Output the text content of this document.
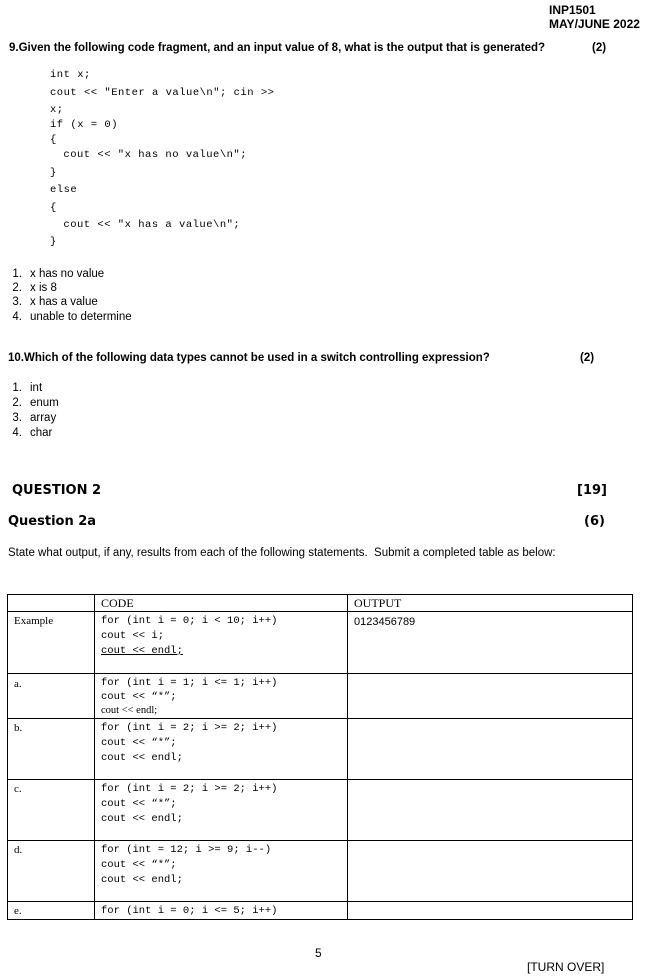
INP1501
MAY/JUNE 2022
9.Given the following code fragment, and an input value of 8, what is the output that is generated?	(2)
int x;
cout << "Enter a value\n"; cin >>
x;
if (x = 0)
{
cout << "x has no value\n";
}
else
{
cout << "x has a value\n";
}
1. x has no value
2. x is 8
3. x has a value
4. unable to determine
10.Which of the following data types cannot be used in a switch controlling expression?	(2)
1. int
2. enum
3. array
4. char
QUESTION 2	[19]
Question 2a	(6)
State what output, if any, results from each of the following statements.  Submit a completed table as below:
	CODE	OUTPUT
Example	for (int i = 0; i < 10; i++)
cout << i;
cout << endl;	0123456789
a.	for (int i = 1; i <= 1; i++)
cout << “*”;
cout << endl;	

b.	for (int i = 2; i >= 2; i++)
cout << “*”;
cout << endl;	

c.	for (int i = 2; i >= 2; i++)
cout << “*”;
cout << endl;	

d.	for (int = 12; i >= 9; i--)
cout << “*”;
cout << endl;	

e.	for (int i = 0; i <= 5; i++)	

5
[TURN OVER]
